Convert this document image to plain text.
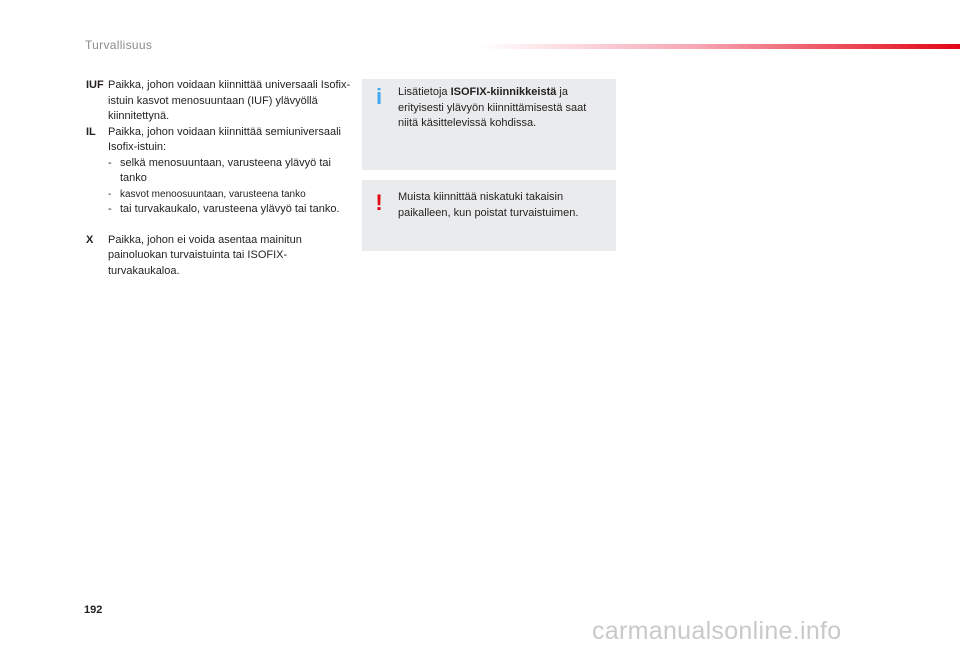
Turvallisuus
IUF Paikka, johon voidaan kiinnittää universaali Isofix-istuin kasvot menosuuntaan (IUF) ylävyöllä kiinnitettynä.
IL	Paikka, johon voidaan kiinnittää semiuniversaali Isofix-istuin:
- selkä menosuuntaan, varusteena ylävyö tai tanko
- kasvot menoosuuntaan, varusteena tanko
- tai turvakaukalo, varusteena ylävyö tai tanko.
X	Paikka, johon ei voida asentaa mainitun painoluokan turvaistuinta tai ISOFIX-turvakaukaloa.
i	Lisätietoja ISOFIX-kiinnikkeistä ja erityisesti ylävyön kiinnittämisestä saat niitä käsittelevissä kohdissa.
!	Muista kiinnittää niskatuki takaisin paikalleen, kun poistat turvaistuimen.
192
carmanualsonline.info
